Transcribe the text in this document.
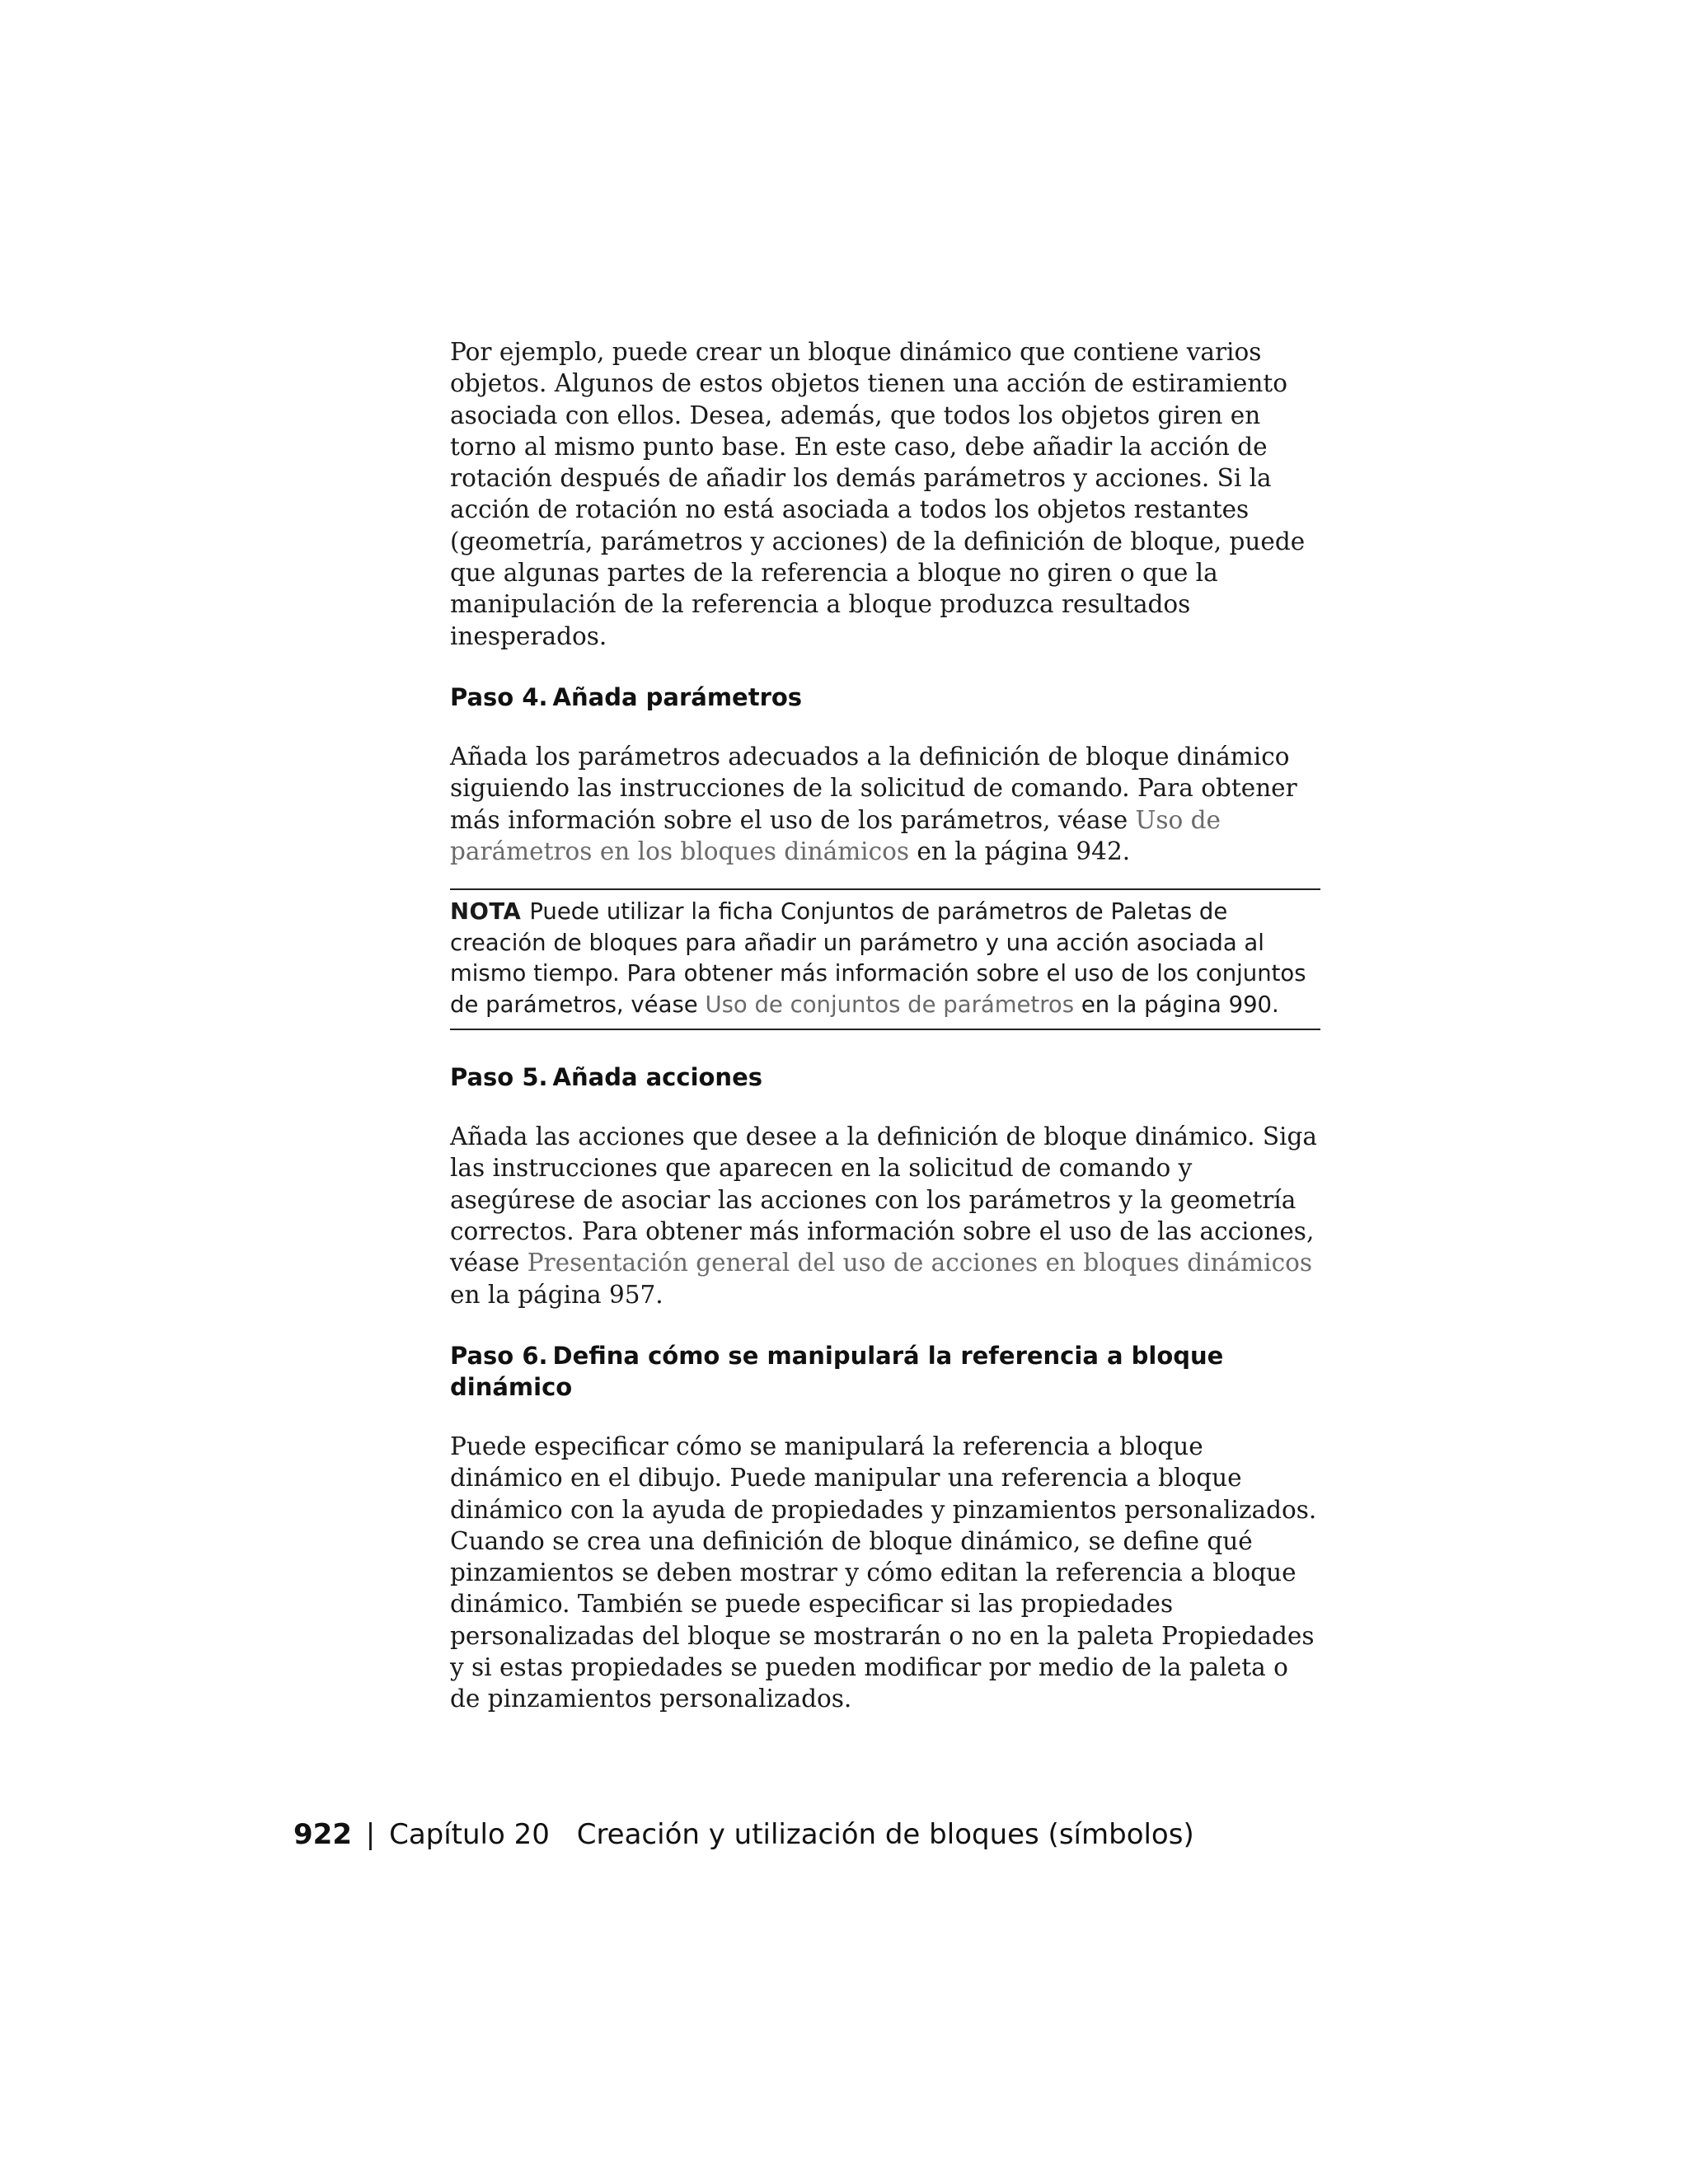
Por ejemplo, puede crear un bloque dinámico que contiene varios objetos. Algunos de estos objetos tienen una acción de estiramiento asociada con ellos. Desea, además, que todos los objetos giren en torno al mismo punto base. En este caso, debe añadir la acción de rotación después de añadir los demás parámetros y acciones. Si la acción de rotación no está asociada a todos los objetos restantes (geometría, parámetros y acciones) de la definición de bloque, puede que algunas partes de la referencia a bloque no giren o que la manipulación de la referencia a bloque produzca resultados inesperados.

Paso 4. Añada parámetros

Añada los parámetros adecuados a la definición de bloque dinámico siguiendo las instrucciones de la solicitud de comando. Para obtener más información sobre el uso de los parámetros, véase Uso de parámetros en los bloques dinámicos en la página 942.

NOTA Puede utilizar la ficha Conjuntos de parámetros de Paletas de creación de bloques para añadir un parámetro y una acción asociada al mismo tiempo. Para obtener más información sobre el uso de los conjuntos de parámetros, véase Uso de conjuntos de parámetros en la página 990.

Paso 5. Añada acciones

Añada las acciones que desee a la definición de bloque dinámico. Siga las instrucciones que aparecen en la solicitud de comando y asegúrese de asociar las acciones con los parámetros y la geometría correctos. Para obtener más información sobre el uso de las acciones, véase Presentación general del uso de acciones en bloques dinámicos en la página 957.

Paso 6. Defina cómo se manipulará la referencia a bloque dinámico

Puede especificar cómo se manipulará la referencia a bloque dinámico en el dibujo. Puede manipular una referencia a bloque dinámico con la ayuda de propiedades y pinzamientos personalizados. Cuando se crea una definición de bloque dinámico, se define qué pinzamientos se deben mostrar y cómo editan la referencia a bloque dinámico. También se puede especificar si las propiedades personalizadas del bloque se mostrarán o no en la paleta Propiedades y si estas propiedades se pueden modificar por medio de la paleta o de pinzamientos personalizados.

922 | Capítulo 20 Creación y utilización de bloques (símbolos)
